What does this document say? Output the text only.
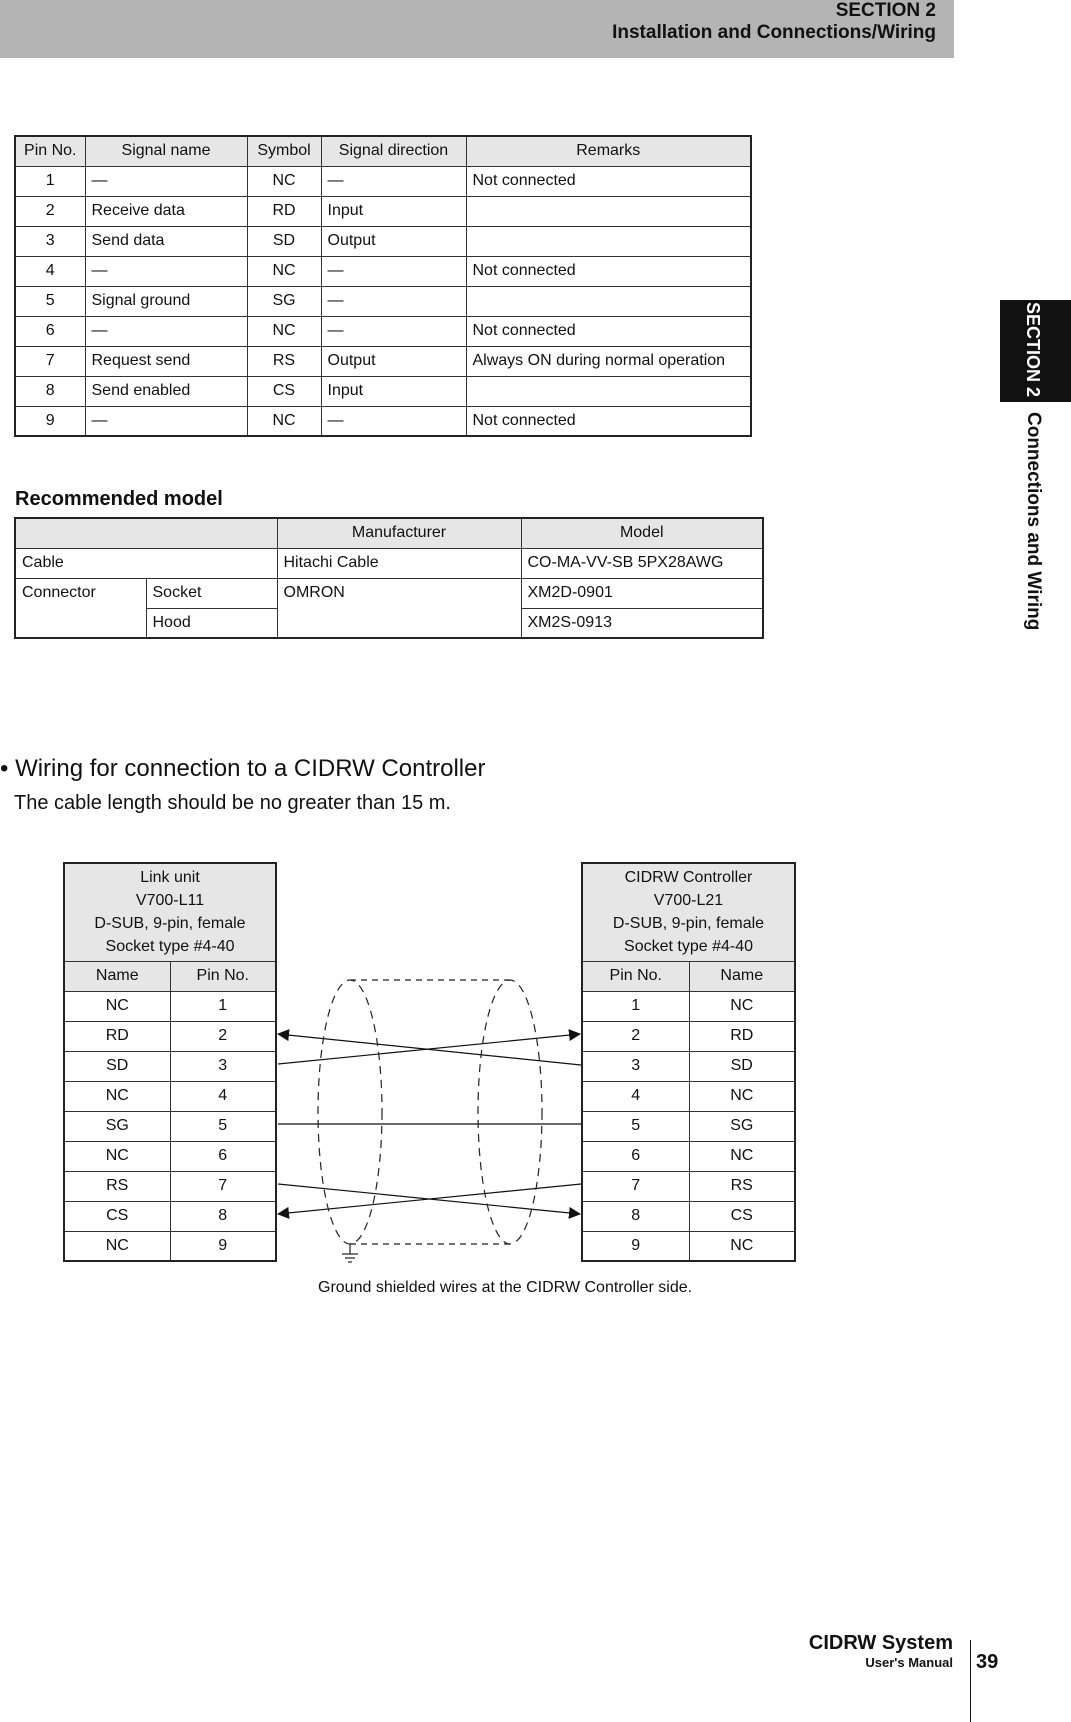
SECTION 2
Installation and Connections/Wiring
SECTION 2
Connections and Wiring
Pin No.	Signal name	Symbol	Signal direction	Remarks
1	—	NC	—	Not connected
2	Receive data	RD	Input	
3	Send data	SD	Output	
4	—	NC	—	Not connected
5	Signal ground	SG	—	
6	—	NC	—	Not connected
7	Request send	RS	Output	Always ON during normal operation
8	Send enabled	CS	Input	
9	—	NC	—	Not connected
Recommended model
		Manufacturer	Model
Cable		Hitachi Cable	CO-MA-VV-SB 5PX28AWG
Connector	Socket	OMRON	XM2D-0901
	Hood		XM2S-0913
• Wiring for connection to a CIDRW Controller
The cable length should be no greater than 15 m.
Link unit
V700-L11
D-SUB, 9-pin, female
Socket type #4-40	

Name	Pin No.
NC	1
RD	2
SD	3
NC	4
SG	5
NC	6
RS	7
CS	8
NC	9
CIDRW Controller
V700-L21
D-SUB, 9-pin, female
Socket type #4-40	

Pin No.	Name
1	NC
2	RD
3	SD
4	NC
5	SG
6	NC
7	RS
8	CS
9	NC
Ground shielded wires at the CIDRW Controller side.
CIDRW System
User's Manual 39
